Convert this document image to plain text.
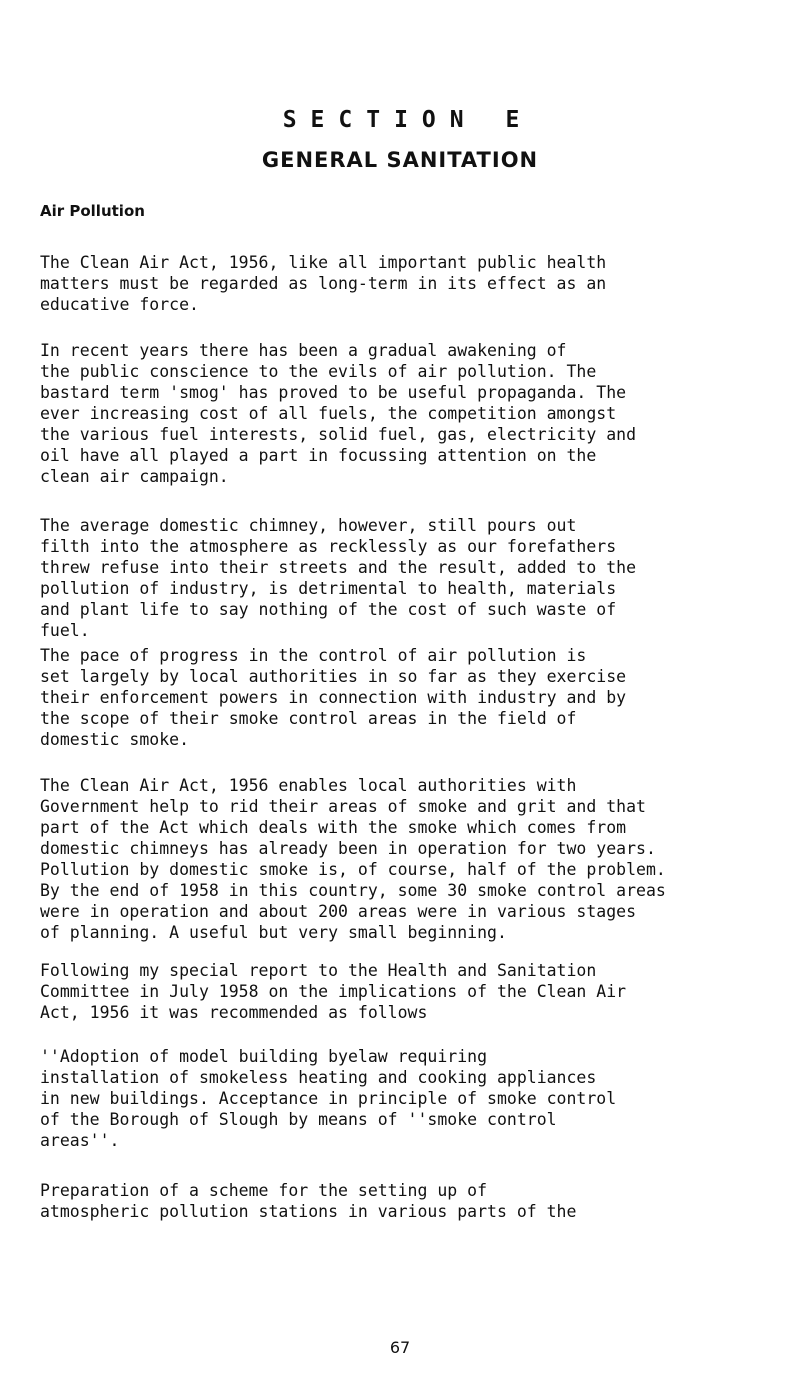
SECTION E
GENERAL SANITATION
Air Pollution

The Clean Air Act, 1956, like all important public health
matters must be regarded as long-term in its effect as an
educative force.

In recent years there has been a gradual awakening of
the public conscience to the evils of air pollution. The
bastard term 'smog' has proved to be useful propaganda. The
ever increasing cost of all fuels, the competition amongst
the various fuel interests, solid fuel, gas, electricity and
oil have all played a part in focussing attention on the
clean air campaign.

The average domestic chimney, however, still pours out
filth into the atmosphere as recklessly as our forefathers
threw refuse into their streets and the result, added to the
pollution of industry, is detrimental to health, materials
and plant life to say nothing of the cost of such waste of
fuel.

The pace of progress in the control of air pollution is
set largely by local authorities in so far as they exercise
their enforcement powers in connection with industry and by
the scope of their smoke control areas in the field of
domestic smoke.

The Clean Air Act, 1956 enables local authorities with
Government help to rid their areas of smoke and grit and that
part of the Act which deals with the smoke which comes from
domestic chimneys has already been in operation for two years.
Pollution by domestic smoke is, of course, half of the problem.
By the end of 1958 in this country, some 30 smoke control areas
were in operation and about 200 areas were in various stages
of planning. A useful but very small beginning.

Following my special report to the Health and Sanitation
Committee in July 1958 on the implications of the Clean Air
Act, 1956 it was recommended as follows

''Adoption of model building byelaw requiring
installation of smokeless heating and cooking appliances
in new buildings. Acceptance in principle of smoke control
of the Borough of Slough by means of ''smoke control
areas''.

Preparation of a scheme for the setting up of
atmospheric pollution stations in various parts of the

67
